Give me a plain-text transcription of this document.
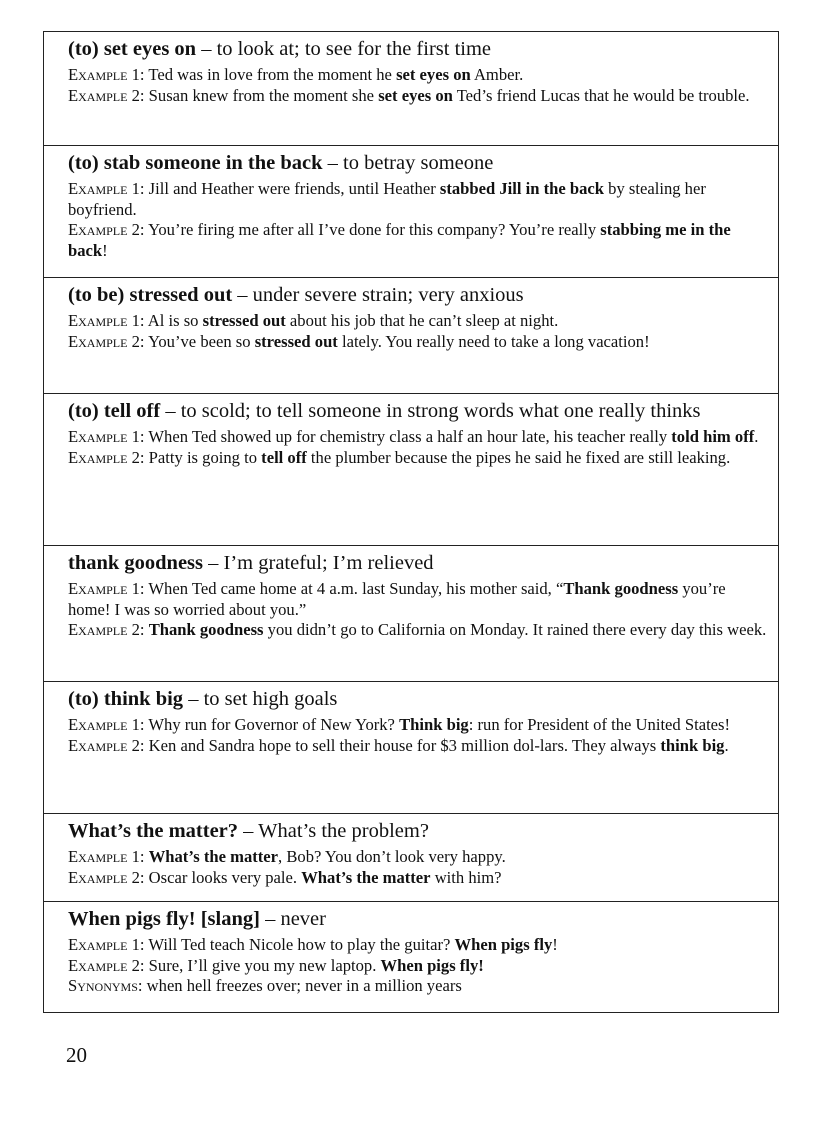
(to) set eyes on – to look at; to see for the first time

Example 1: Ted was in love from the moment he set eyes on Amber.

Example 2: Susan knew from the moment she set eyes on Ted’s friend Lucas that he would be trouble.

(to) stab someone in the back – to betray someone

Example 1: Jill and Heather were friends, until Heather stabbed Jill in the back by stealing her boyfriend.

Example 2: You’re firing me after all I’ve done for this company? You’re really stabbing me in the back!

(to be) stressed out – under severe strain; very anxious

Example 1: Al is so stressed out about his job that he can’t sleep at night.

Example 2: You’ve been so stressed out lately. You really need to take a long vacation!

(to) tell off – to scold; to tell someone in strong words what one really thinks

Example 1: When Ted showed up for chemistry class a half an hour late, his teacher really told him off.

Example 2: Patty is going to tell off the plumber because the pipes he said he fixed are still leaking.

thank goodness – I’m grateful; I’m relieved

Example 1: When Ted came home at 4 a.m. last Sunday, his mother said, “Thank goodness you’re home! I was so worried about you.”

Example 2: Thank goodness you didn’t go to California on Monday. It rained there every day this week.

(to) think big – to set high goals

Example 1: Why run for Governor of New York? Think big: run for President of the United States!

Example 2: Ken and Sandra hope to sell their house for $3 million dol-lars. They always think big.

What’s the matter? – What’s the problem?

Example 1: What’s the matter, Bob? You don’t look very happy.

Example 2: Oscar looks very pale. What’s the matter with him?

When pigs fly! [slang] – never

Example 1: Will Ted teach Nicole how to play the guitar? When pigs fly!

Example 2: Sure, I’ll give you my new laptop. When pigs fly!

Synonyms: when hell freezes over; never in a million years

20
